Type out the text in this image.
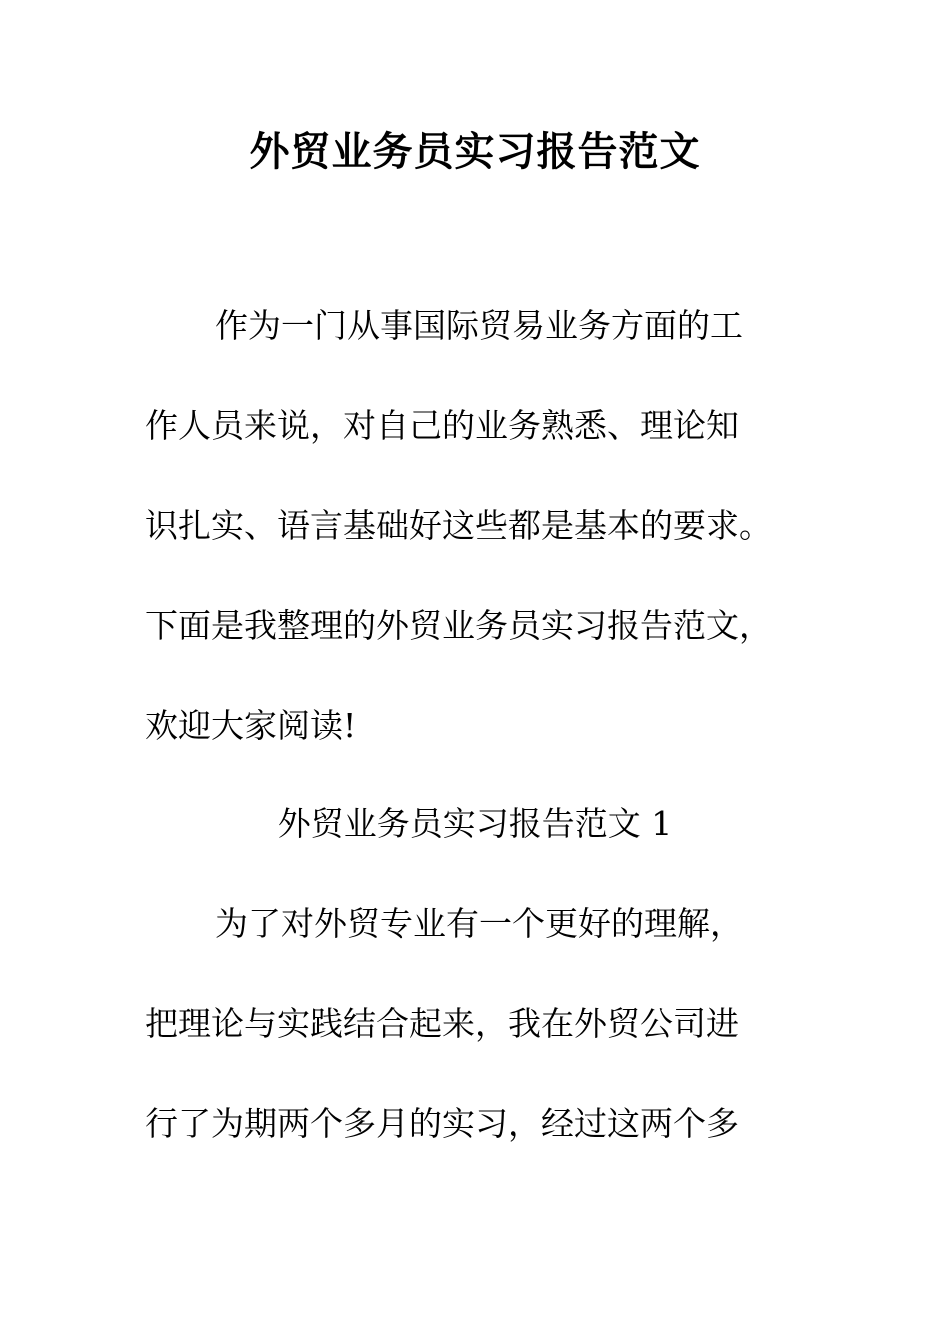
外贸业务员实习报告范文
作为一门从事国际贸易业务方面的工
作人员来说，对自己的业务熟悉、理论知
识扎实、语言基础好这些都是基本的要求。
下面是我整理的外贸业务员实习报告范文，
欢迎大家阅读!
外贸业务员实习报告范文 1
为了对外贸专业有一个更好的理解，
把理论与实践结合起来，我在外贸公司进
行了为期两个多月的实习，经过这两个多
